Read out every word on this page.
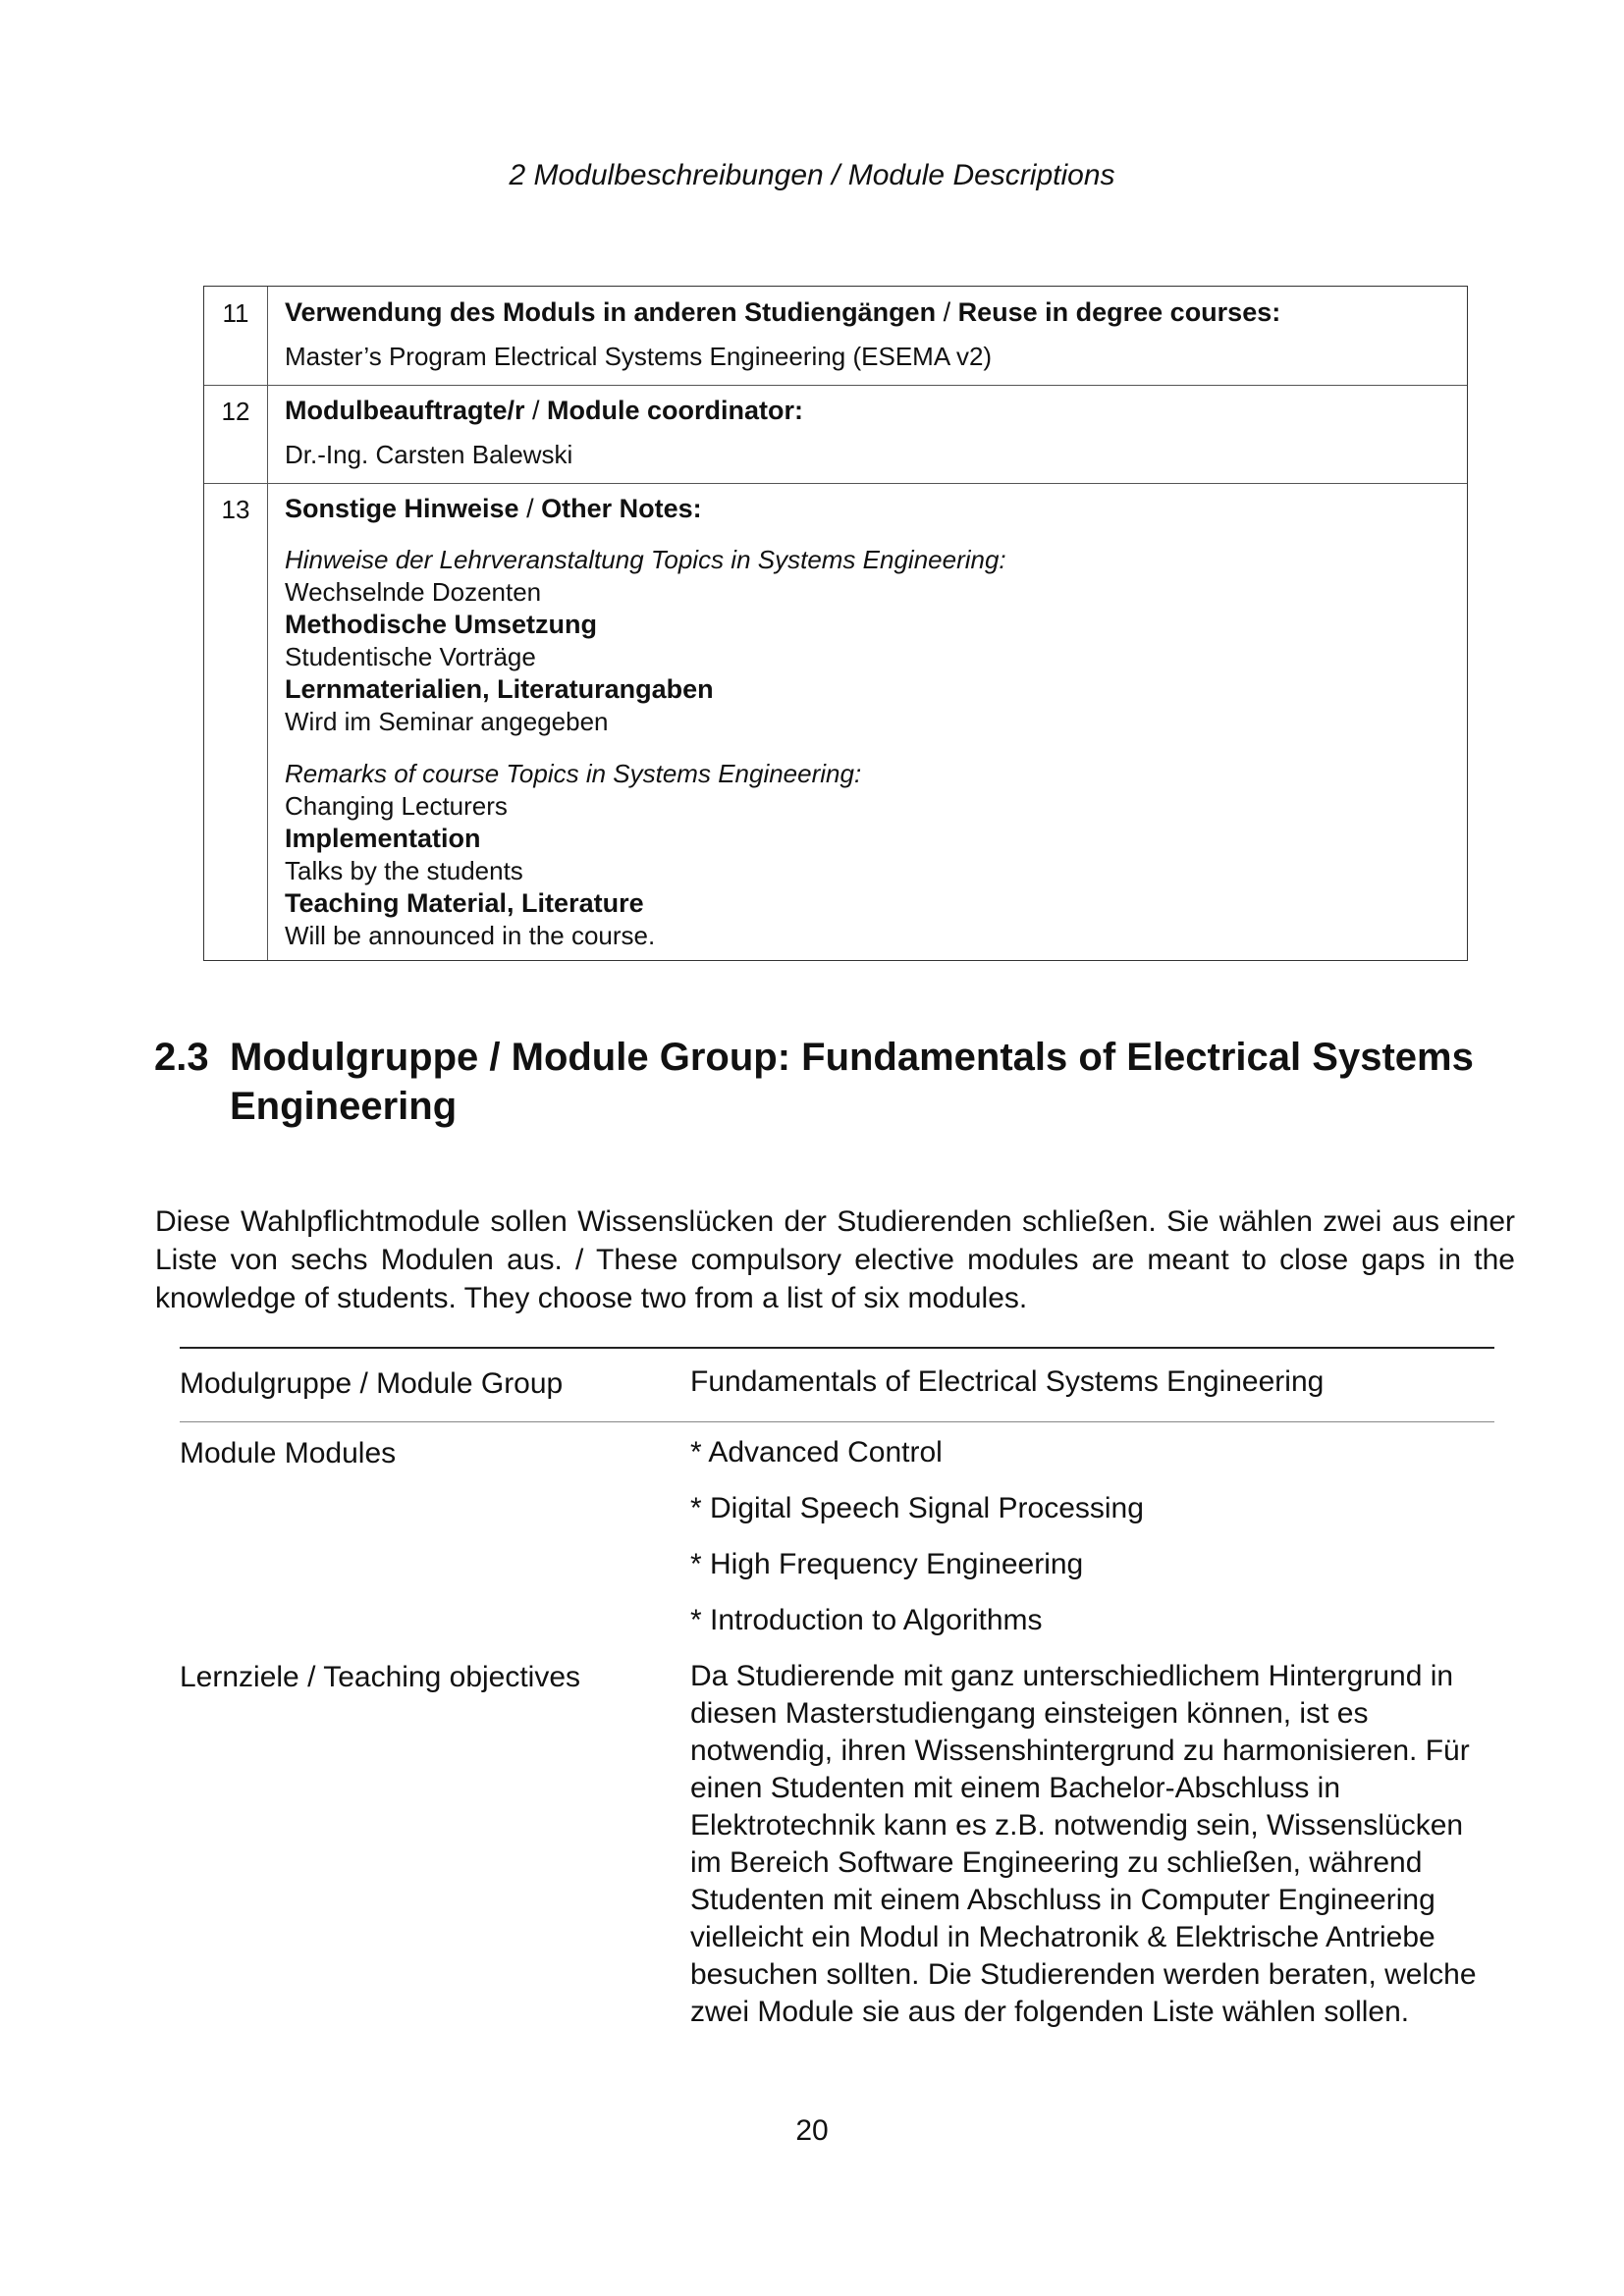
2 Modulbeschreibungen / Module Descriptions
11	Verwendung des Moduls in anderen Studiengängen / Reuse in degree courses:
Master’s Program Electrical Systems Engineering (ESEMA v2)
12	Modulbeauftragte/r / Module coordinator:
Dr.-Ing. Carsten Balewski
13	Sonstige Hinweise / Other Notes:
Hinweise der Lehrveranstaltung Topics in Systems Engineering:
Wechselnde Dozenten
Methodische Umsetzung
Studentische Vorträge
Lernmaterialien, Literaturangaben
Wird im Seminar angegeben
Remarks of course Topics in Systems Engineering:
Changing Lecturers
Implementation
Talks by the students
Teaching Material, Literature
Will be announced in the course.
2.3 Modulgruppe / Module Group: Fundamentals of Electrical Systems
Engineering
Diese Wahlpflichtmodule sollen Wissenslücken der Studierenden schließen. Sie wählen zwei aus einer Liste von sechs Modulen aus. / These compulsory elective modules are meant to close gaps in the knowledge of students. They choose two from a list of six modules.
Modulgruppe / Module Group	Fundamentals of Electrical Systems Engineering
Module Modules	* Advanced Control
* Digital Speech Signal Processing
* High Frequency Engineering
* Introduction to Algorithms
Lernziele / Teaching objectives	Da Studierende mit ganz unterschiedlichem Hintergrund in
diesen Masterstudiengang einsteigen können, ist es
notwendig, ihren Wissenshintergrund zu harmonisieren. Für
einen Studenten mit einem Bachelor-Abschluss in
Elektrotechnik kann es z.B. notwendig sein, Wissenslücken
im Bereich Software Engineering zu schließen, während
Studenten mit einem Abschluss in Computer Engineering
vielleicht ein Modul in Mechatronik & Elektrische Antriebe
besuchen sollten. Die Studierenden werden beraten, welche
zwei Module sie aus der folgenden Liste wählen sollen.
20
